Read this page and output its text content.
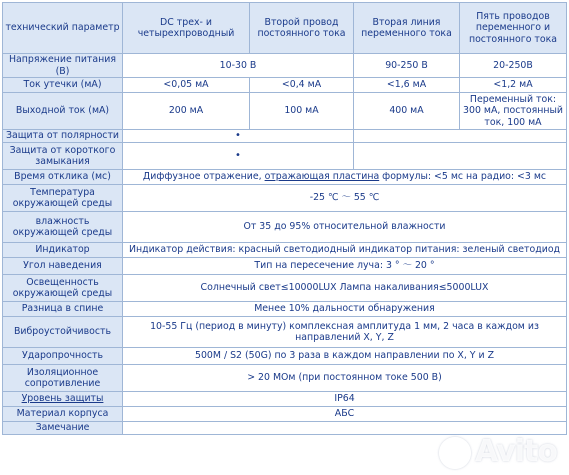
технический параметр	DC трех- и четырехпроводный	Второй провод постоянного тока	Вторая линия переменного тока	Пять проводов переменного и постоянного тока
Напряжение питания (В)	10-30 В		90-250 В	20-250В
Ток утечки (мА)	<0,05 мА	<0,4 мА	<1,6 мА	<1,2 мА
Выходной ток (мА)	200 мА	100 мА	400 мА	Переменный ток: 300 мА, постоянный ток, 100 мА
Защита от полярности	•			
Защита от короткого замыкания	•			
Время отклика (мс)	Диффузное отражение, отражающая пластина формулы: <5 мс на радио: <3 мс			
Температура окружающей среды	-25 ℃ ～ 55 ℃			
влажность окружающей среды	От 35 до 95% относительной влажности			
Индикатор	Индикатор действия: красный светодиодный индикатор питания: зеленый светодиод			
Угол наведения	Тип на пересечение луча: 3 ° ～ 20 °			
Освещенность окружающей среды	Солнечный свет≤10000LUX Лампа накаливания≤5000LUX			
Разница в спине	Менее 10% дальности обнаружения			
Виброустойчивость	10-55 Гц (период в минуту) комплексная амплитуда 1 мм, 2 часа в каждом из направлений X, Y, Z			
Ударопрочность	500M / S2 (50G) по 3 раза в каждом направлении по X, Y и Z			
Изоляционное сопротивление	> 20 МОм (при постоянном токе 500 В)			
Уровень защиты	IP64			
Материал корпуса	АБС			
Замечание				
Avito
